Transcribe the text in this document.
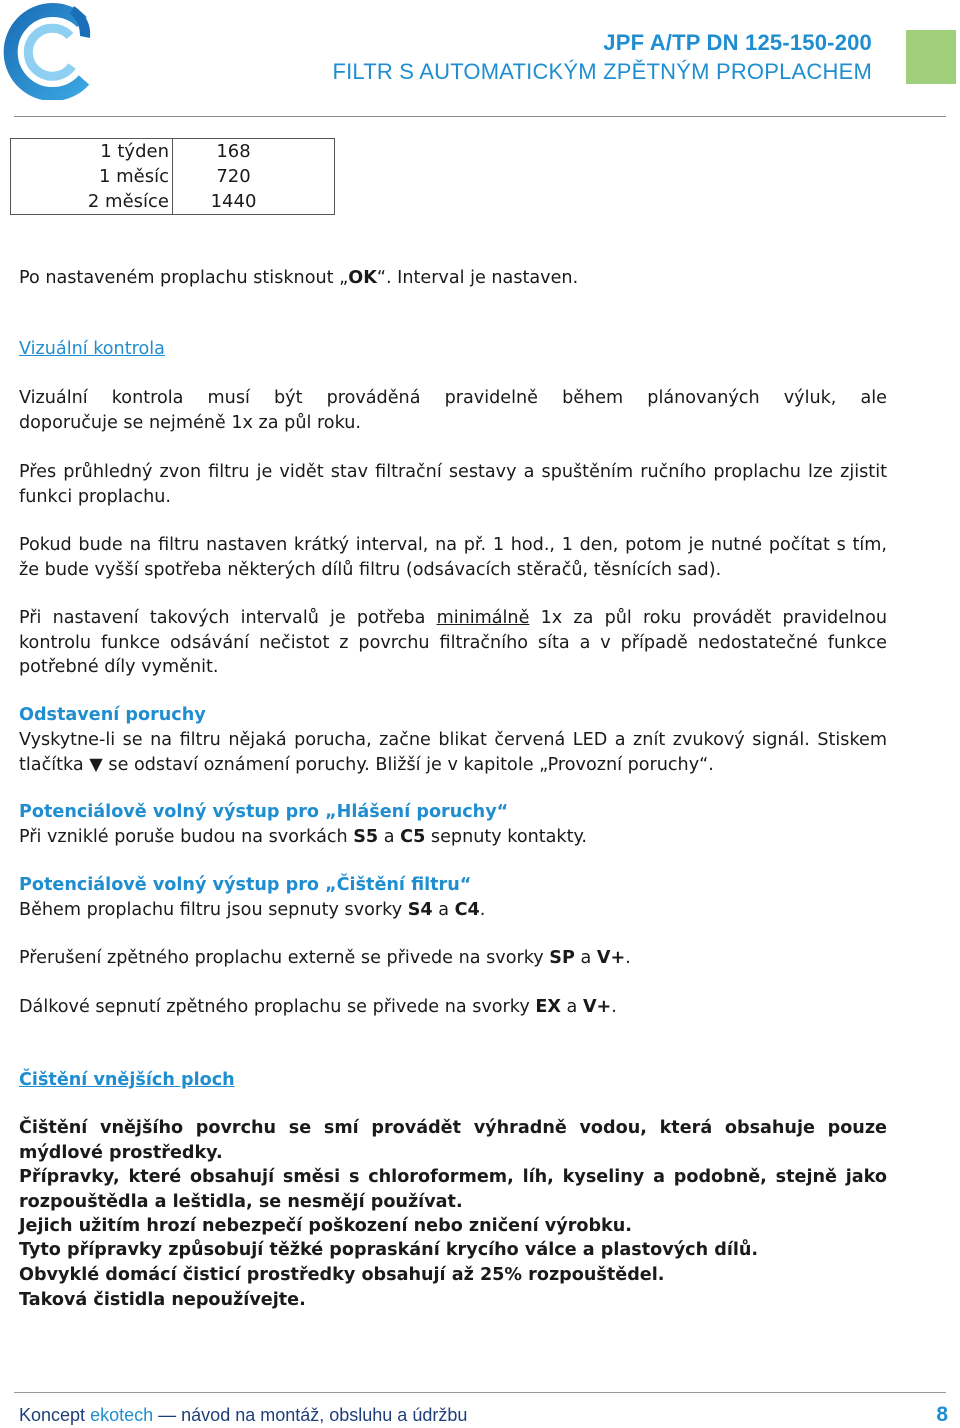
JPF A/TP DN 125-150-200
FILTR S AUTOMATICKÝM ZPĚTNÝM PROPLACHEM
1 týden	168
1 měsíc	720
2 měsíce	1440

Po nastaveném proplachu stisknout „OK“. Interval je nastaven.

Vizuální kontrola

Vizuální kontrola musí být prováděná pravidelně během plánovaných výluk, ale

doporučuje se nejméně 1x za půl roku.

Přes průhledný zvon filtru je vidět stav filtrační sestavy a spuštěním ručního proplachu lze zjistit funkci proplachu.

Pokud bude na filtru nastaven krátký interval, na př. 1 hod., 1 den, potom je nutné počítat s tím, že bude vyšší spotřeba některých dílů filtru (odsávacích stěračů, těsnících sad).

Při nastavení takových intervalů je potřeba minimálně 1x za půl roku provádět pravidelnou kontrolu funkce odsávání nečistot z povrchu filtračního síta a v případě nedostatečné funkce potřebné díly vyměnit.

Odstavení poruchy

Vyskytne-li se na filtru nějaká porucha, začne blikat červená LED a znít zvukový signál. Stiskem tlačítka ▼ se odstaví oznámení poruchy. Bližší je v kapitole „Provozní poruchy“.

Potenciálově volný výstup pro „Hlášení poruchy“

Při vzniklé poruše budou na svorkách S5 a C5 sepnuty kontakty.

Potenciálově volný výstup pro „Čištění filtru“

Během proplachu filtru jsou sepnuty svorky S4 a C4.

Přerušení zpětného proplachu externě se přivede na svorky SP a V+.

Dálkové sepnutí zpětného proplachu se přivede na svorky EX a V+.

Čištění vnějších ploch

Čištění vnějšího povrchu se smí provádět výhradně vodou, která obsahuje pouze mýdlové prostředky.

Přípravky, které obsahují směsi s chloroformem, líh, kyseliny a podobně, stejně jako rozpouštědla a leštidla, se nesmějí používat.

Jejich užitím hrozí nebezpečí poškození nebo zničení výrobku.

Tyto přípravky způsobují těžké popraskání krycího válce a plastových dílů.

Obvyklé domácí čisticí prostředky obsahují až 25% rozpouštědel.

Taková čistidla nepoužívejte.

Koncept ekotech — návod na montáž, obsluhu a údržbu	8
